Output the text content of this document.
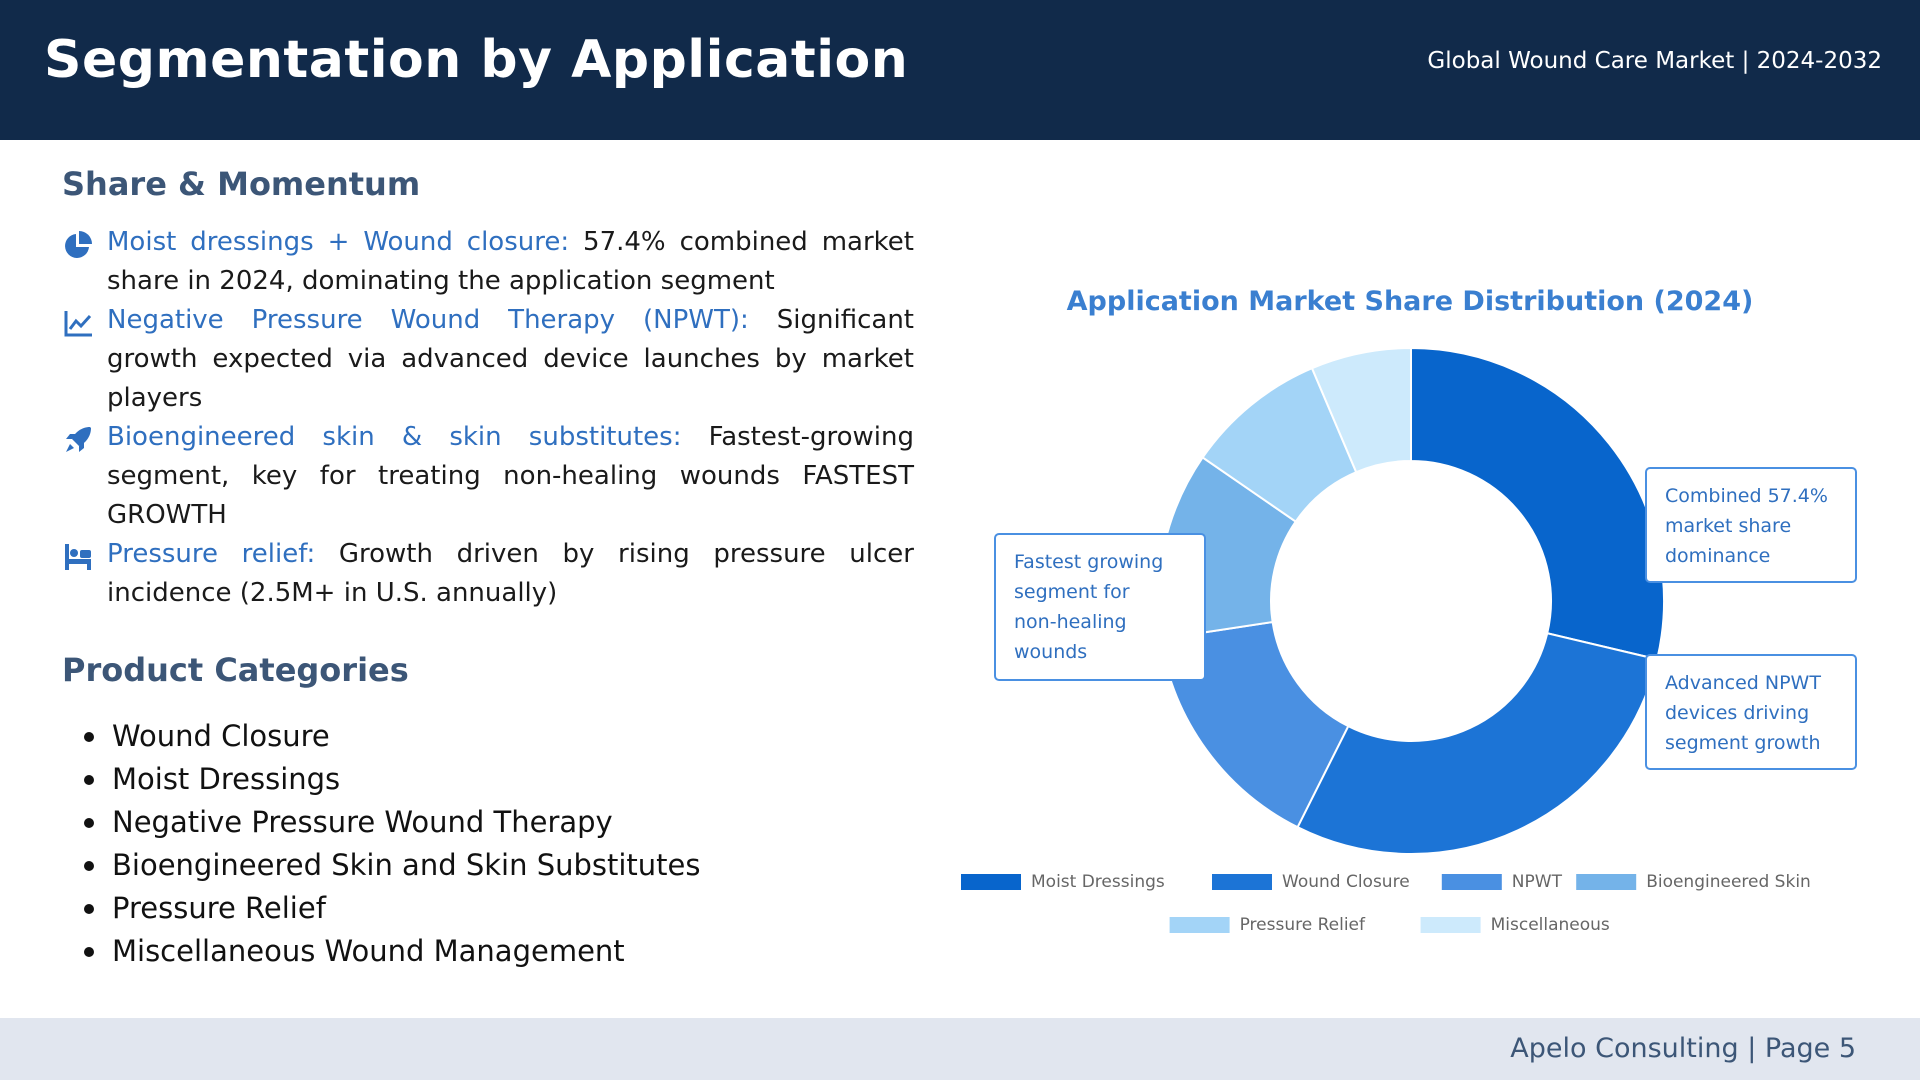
Segmentation by Application	Global Wound Care Market | 2024-2032
Share & Momentum
Moist dressings + Wound closure: 57.4% combined market share in 2024, dominating the application segment
Negative Pressure Wound Therapy (NPWT): Significant growth expected via advanced device launches by market players
Bioengineered skin & skin substitutes: Fastest-growing segment, key for treating non-healing wounds FASTEST GROWTH
Pressure relief: Growth driven by rising pressure ulcer incidence (2.5M+ in U.S. annually)
Product Categories
Wound Closure
Moist Dressings
Negative Pressure Wound Therapy
Bioengineered Skin and Skin Substitutes
Pressure Relief
Miscellaneous Wound Management
Application Market Share Distribution (2024)
Combined 57.4% market share dominance
Advanced NPWT devices driving segment growth
Fastest growing segment for non-healing wounds
Moist Dressings	Wound Closure	NPWT	Bioengineered Skin
Pressure Relief	Miscellaneous
Apelo Consulting | Page 5
